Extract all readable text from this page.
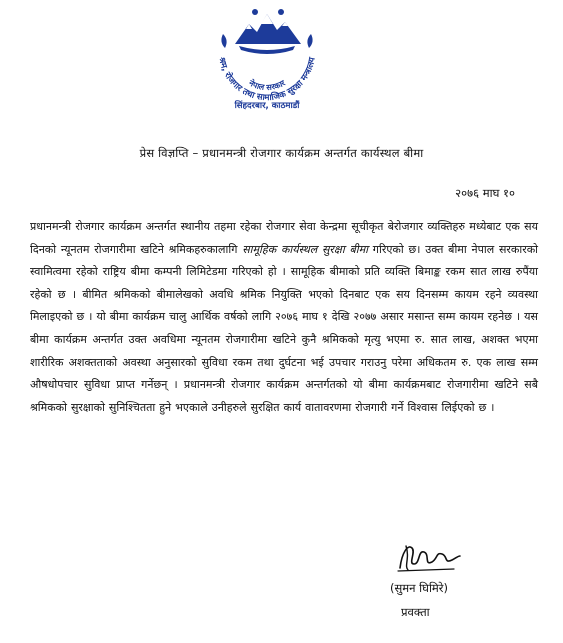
श्रम, रोजगार तथा सामाजिक सुरक्षा मन्त्रालय
नेपाल सरकार
सिंहदरबार, काठमाडौं
प्रेस विज्ञप्ति – प्रधानमन्त्री रोजगार कार्यक्रम अन्तर्गत कार्यस्थल बीमा
२०७६ माघ १०
प्रधानमन्त्री रोजगार कार्यक्रम अन्तर्गत स्थानीय तहमा रहेका रोजगार सेवा केन्द्रमा सूचीकृत बेरोजगार व्यक्तिहरु मध्येबाट एक सय दिनको न्यूनतम रोजगारीमा खटिने श्रमिकहरुकालागि सामूहिक कार्यस्थल सुरक्षा बीमा गरिएको छ। उक्त बीमा नेपाल सरकारको स्वामित्वमा रहेको राष्ट्रिय बीमा कम्पनी लिमिटेडमा गरिएको हो । सामूहिक बीमाको प्रति व्यक्ति बिमाङ्क रकम सात लाख रुपैंया रहेको छ । बीमित श्रमिकको बीमालेखको अवधि श्रमिक नियुक्ति भएको दिनबाट एक सय दिनसम्म कायम रहने व्यवस्था मिलाइएको छ । यो बीमा कार्यक्रम चालु आर्थिक वर्षको लागि २०७६ माघ १ देखि २०७७ असार मसान्त सम्म कायम रहनेछ । यस बीमा कार्यक्रम अन्तर्गत उक्त अवधिमा न्यूनतम रोजगारीमा खटिने कुनै श्रमिकको मृत्यु भएमा रु. सात लाख, अशक्त भएमा शारीरिक अशक्तताको अवस्था अनुसारको सुविधा रकम तथा दुर्घटना भई उपचार गराउनु परेमा अधिकतम रु. एक लाख सम्म औषधोपचार सुविधा प्राप्त गर्नेछन् । प्रधानमन्त्री रोजगार कार्यक्रम अन्तर्गतको यो बीमा कार्यक्रमबाट रोजगारीमा खटिने सबै श्रमिकको सुरक्षाको सुनिश्चितता हुने भएकाले उनीहरुले सुरक्षित कार्य वातावरणमा रोजगारी गर्ने विश्वास लिईएको छ ।
(सुमन घिमिरे)
प्रवक्ता
